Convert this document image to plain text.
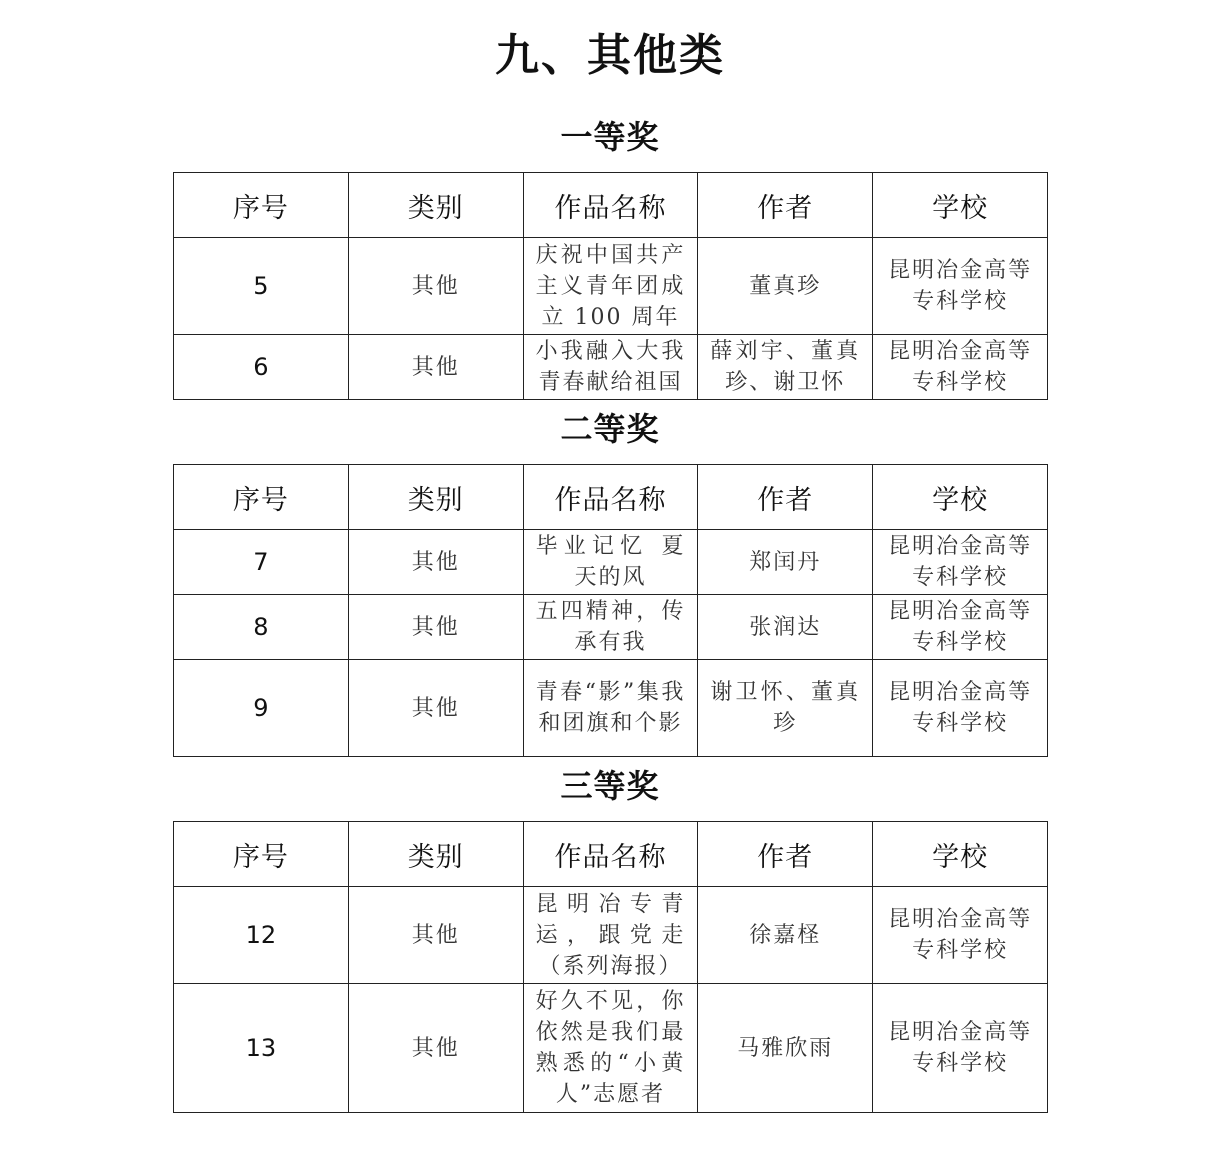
九、其他类
一等奖
序号	类别	作品名称	作者	学校
5	其他	庆祝中国共产主义青年团成立 100 周年	董真珍	昆明冶金高等专科学校
6	其他	小我融入大我青春献给祖国	薛刘宇、董真珍、谢卫怀	昆明冶金高等专科学校
二等奖
序号	类别	作品名称	作者	学校
7	其他	毕业记忆 夏天的风	郑闰丹	昆明冶金高等专科学校
8	其他	五四精神，传承有我	张润达	昆明冶金高等专科学校
9	其他	青春“影”集我和团旗和个影	谢卫怀、董真珍	昆明冶金高等专科学校
三等奖
序号	类别	作品名称	作者	学校
12	其他	昆明冶专青运，跟党走（系列海报）	徐嘉柽	昆明冶金高等专科学校
13	其他	好久不见，你依然是我们最熟悉的“小黄人”志愿者	马雅欣雨	昆明冶金高等专科学校
